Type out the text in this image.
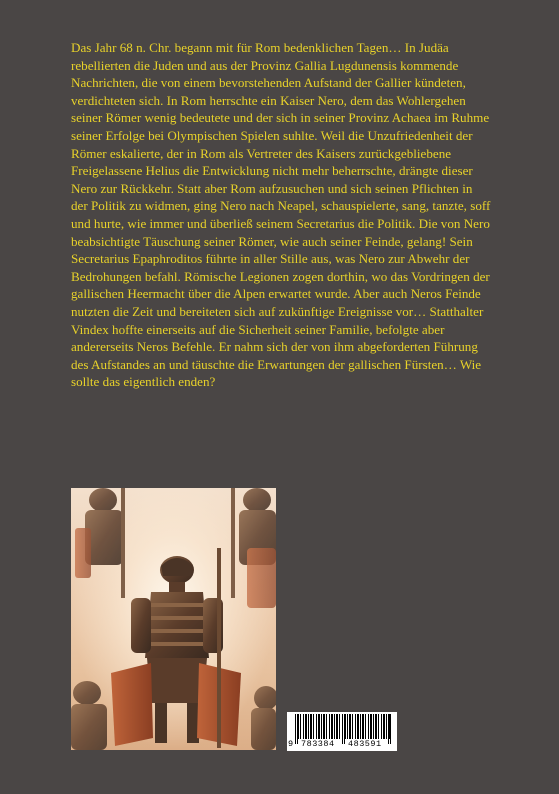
Das Jahr 68 n. Chr. begann mit für Rom bedenklichen Tagen… In Judäa rebellierten die Juden und aus der Provinz Gallia Lugdunensis kommende Nachrichten, die von einem bevorstehenden Aufstand der Gallier kündeten, verdichteten sich. In Rom herrschte ein Kaiser Nero, dem das Wohlergehen seiner Römer wenig bedeutete und der sich in seiner Provinz Achaea im Ruhme seiner Erfolge bei Olympischen Spielen suhlte. Weil die Unzufriedenheit der Römer eskalierte, der in Rom als Vertreter des Kaisers zurückgebliebene Freigelassene Helius die Entwicklung nicht mehr beherrschte, drängte dieser Nero zur Rückkehr. Statt aber Rom aufzusuchen und sich seinen Pflichten in der Politik zu widmen, ging Nero nach Neapel, schauspielerte, sang, tanzte, soff und hurte, wie immer und überließ seinem Secretarius die Politik. Die von Nero beabsichtigte Täuschung seiner Römer, wie auch seiner Feinde, gelang! Sein Secretarius Epaphroditos führte in aller Stille aus, was Nero zur Abwehr der Bedrohungen befahl. Römische Legionen zogen dorthin, wo das Vordringen der gallischen Heermacht über die Alpen erwartet wurde. Aber auch Neros Feinde nutzten die Zeit und bereiteten sich auf zukünftige Ereignisse vor… Statthalter Vindex hoffte einerseits auf die Sicherheit seiner Familie, befolgte aber andererseits Neros Befehle. Er nahm sich der von ihm abgeforderten Führung des Aufstandes an und täuschte die Erwartungen der gallischen Fürsten… Wie sollte das eigentlich enden?

9 783384 483591
